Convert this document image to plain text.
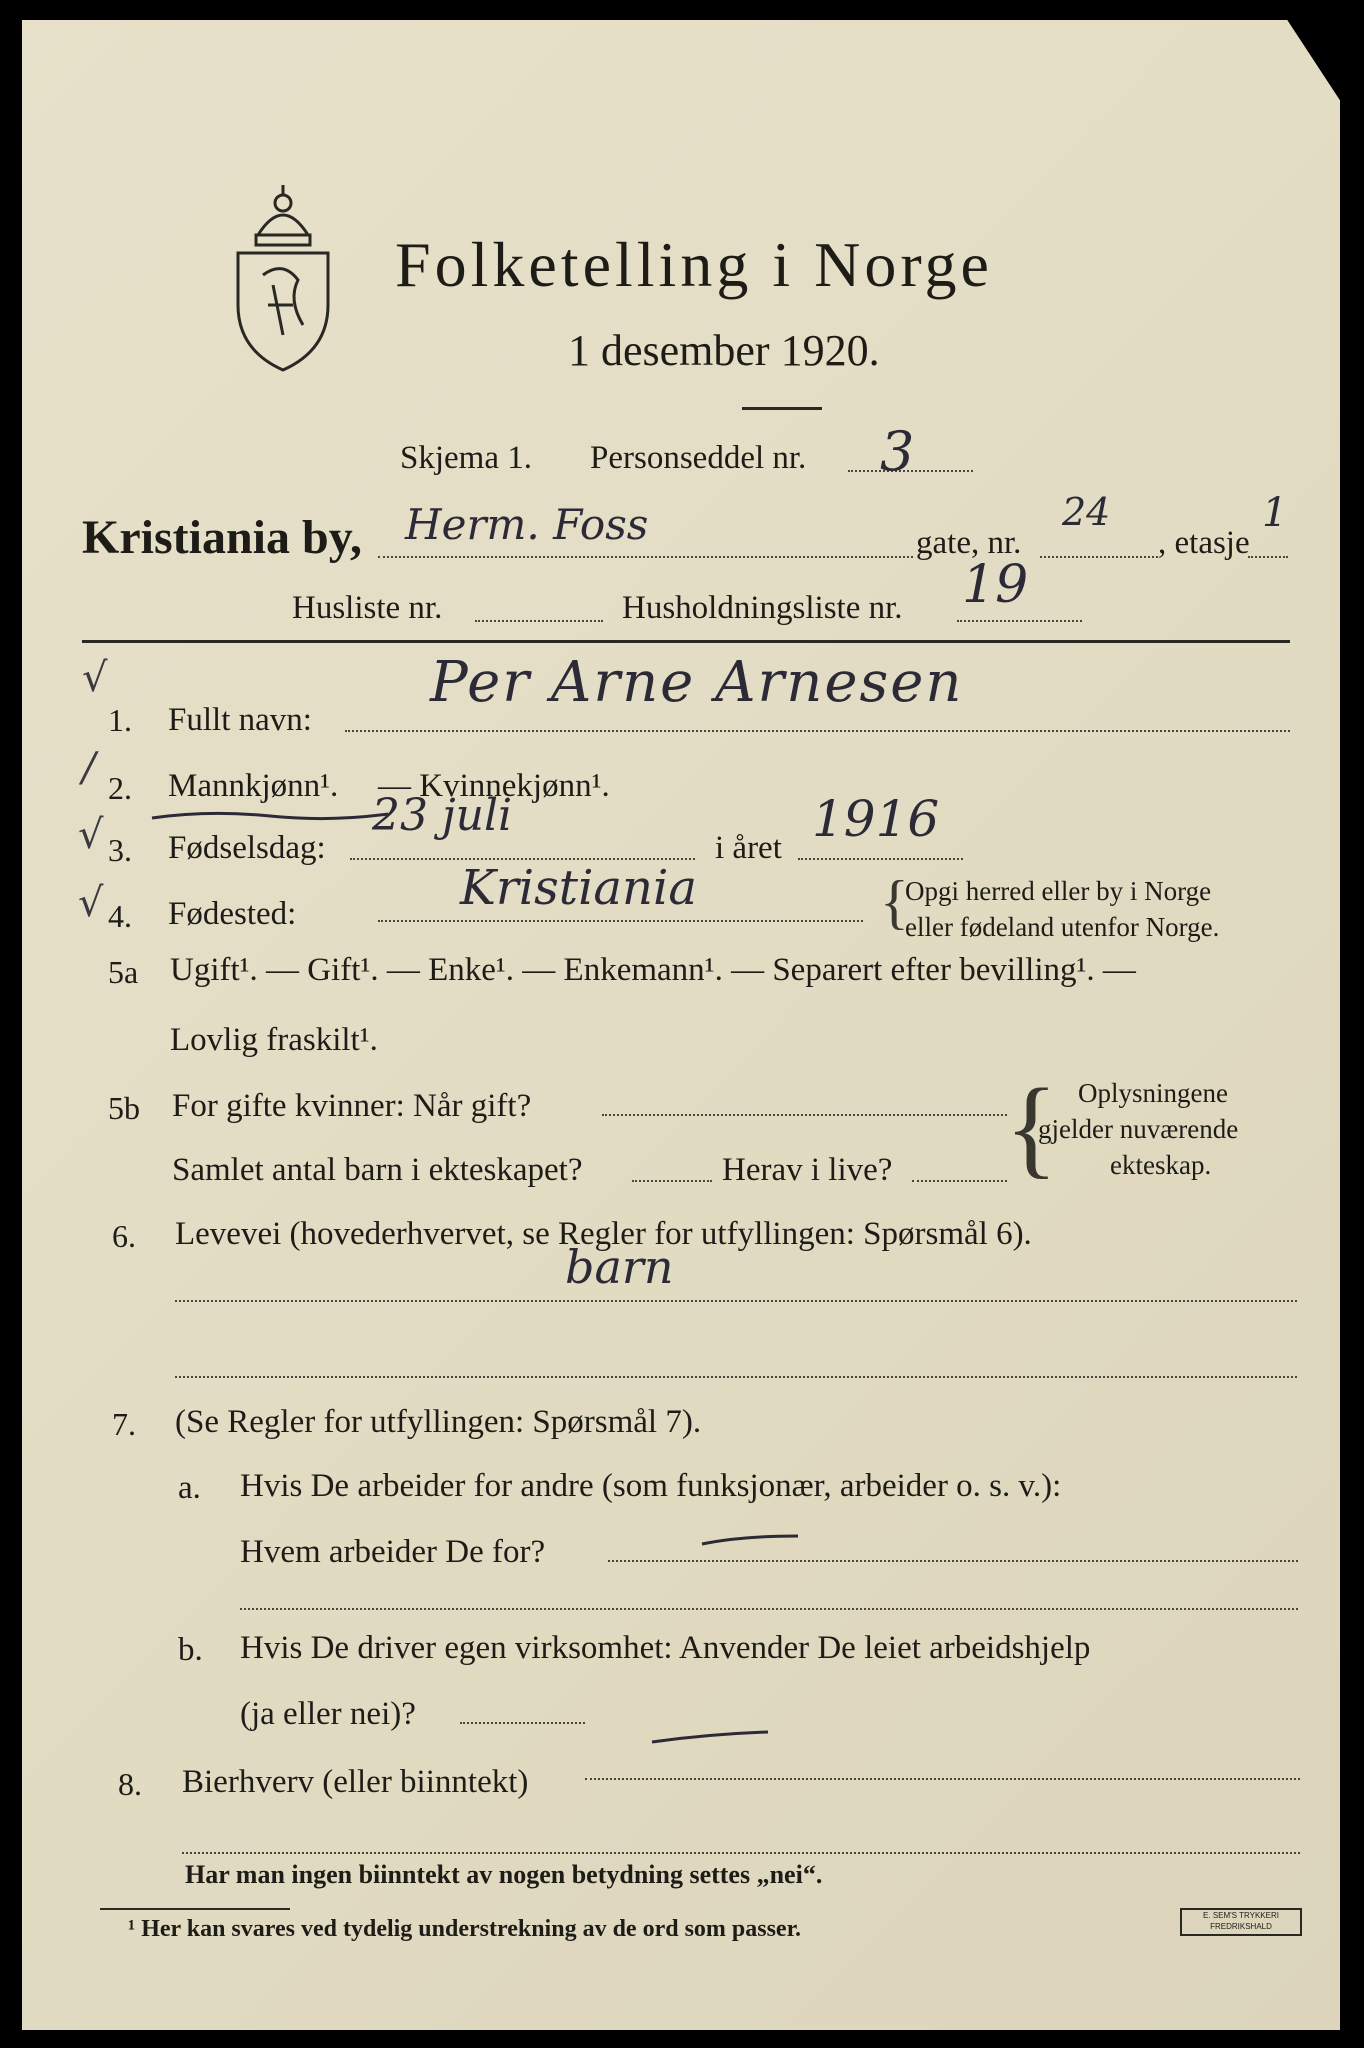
Folketelling i Norge
1 desember 1920.
Skjema 1. Personseddel nr. 3
Kristiania by, Herm. Foss	gate, nr.
24
, etasje
1
Husliste nr.	Husholdningsliste nr. 19
√
/
√
√
1. Fullt navn:
Per Arne Arnesen
2. Mannkjønn¹. — Kvinnekjønn¹.
3. Fødselsdag:
23 juli
i året 1916
4. Fødested:	Kristiania	{
Opgi herred eller by i Norge
eller fødeland utenfor Norge.
5a Ugift¹. — Gift¹. — Enke¹. — Enkemann¹. — Separert efter bevilling¹. —
Lovlig fraskilt¹.
5b For gifte kvinner: Når gift?
Samlet antal barn i ekteskapet?	Herav i live? { Oplysningene
gjelder nuværende
ekteskap.
6. Levevei (hovederhvervet, se Regler for utfyllingen: Spørsmål 6).
barn
7. (Se Regler for utfyllingen: Spørsmål 7).
a. Hvis De arbeider for andre (som funksjonær, arbeider o. s. v.):
Hvem arbeider De for?
b. Hvis De driver egen virksomhet: Anvender De leiet arbeidshjelp
(ja eller nei)?
8. Bierhverv (eller biinntekt)
Har man ingen biinntekt av nogen betydning settes „nei“.
¹ Her kan svares ved tydelig understrekning av de ord som passer.
E. SEM'S TRYKKERI FREDRIKSHALD
